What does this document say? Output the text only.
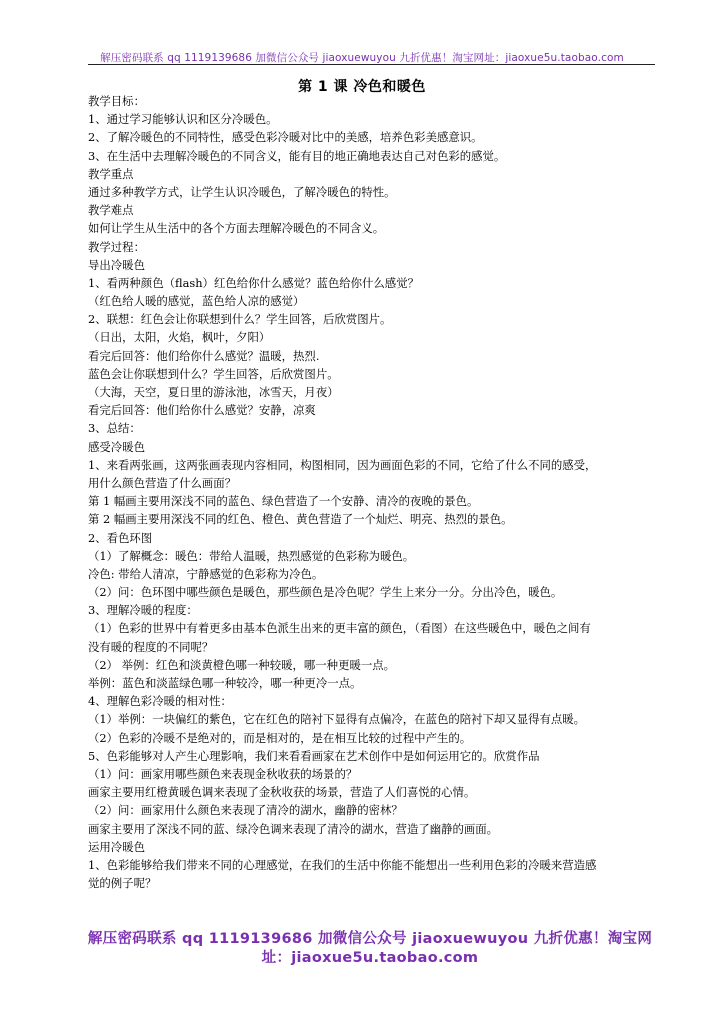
解压密码联系 qq 1119139686 加微信公众号 jiaoxuewuyou 九折优惠！淘宝网址：jiaoxue5u.taobao.com
第 1 课 冷色和暖色
教学目标：
1、通过学习能够认识和区分冷暖色。
2、了解冷暖色的不同特性，感受色彩冷暖对比中的美感，培养色彩美感意识。
3、在生活中去理解冷暖色的不同含义，能有目的地正确地表达自己对色彩的感觉。
教学重点
通过多种教学方式，让学生认识冷暖色，了解冷暖色的特性。
教学难点
如何让学生从生活中的各个方面去理解冷暖色的不同含义。
教学过程：
导出冷暖色
1、看两种颜色（flash）红色给你什么感觉？蓝色给你什么感觉？
（红色给人暖的感觉，蓝色给人凉的感觉）
2、联想：红色会让你联想到什么？学生回答，后欣赏图片。
（日出，太阳，火焰，枫叶，夕阳）
看完后回答：他们给你什么感觉？温暖，热烈.
蓝色会让你联想到什么？学生回答，后欣赏图片。
（大海，天空，夏日里的游泳池，冰雪天，月夜）
看完后回答：他们给你什么感觉？安静，凉爽
3、总结：
感受冷暖色
1、来看两张画，这两张画表现内容相同，构图相同，因为画面色彩的不同，它给了什么不同的感受，
用什么颜色营造了什么画面？
第 1 幅画主要用深浅不同的蓝色、绿色营造了一个安静、清冷的夜晚的景色。
第 2 幅画主要用深浅不同的红色、橙色、黄色营造了一个灿烂、明亮、热烈的景色。
2、看色环图
（1）了解概念：暖色：带给人温暖，热烈感觉的色彩称为暖色。
冷色: 带给人清凉，宁静感觉的色彩称为冷色。
（2）问：色环图中哪些颜色是暖色，那些颜色是冷色呢？学生上来分一分。分出冷色，暖色。
3、理解冷暖的程度：
（1）色彩的世界中有着更多由基本色派生出来的更丰富的颜色，（看图）在这些暖色中，暖色之间有
没有暖的程度的不同呢？
（2） 举例：红色和淡黄橙色哪一种较暖，哪一种更暖一点。
举例：蓝色和淡蓝绿色哪一种较冷，哪一种更冷一点。
4、理解色彩冷暖的相对性：
（1）举例：一块偏红的紫色，它在红色的陪衬下显得有点偏冷，在蓝色的陪衬下却又显得有点暖。
（2）色彩的冷暖不是绝对的，而是相对的，是在相互比较的过程中产生的。
5、色彩能够对人产生心理影响，我们来看看画家在艺术创作中是如何运用它的。欣赏作品
（1）问：画家用哪些颜色来表现金秋收获的场景的？
画家主要用红橙黄暖色调来表现了金秋收获的场景，营造了人们喜悦的心情。
（2）问：画家用什么颜色来表现了清冷的湖水，幽静的密林？
画家主要用了深浅不同的蓝、绿冷色调来表现了清冷的湖水，营造了幽静的画面。
运用冷暖色
1、色彩能够给我们带来不同的心理感觉，在我们的生活中你能不能想出一些利用色彩的冷暖来营造感
觉的例子呢？
解压密码联系 qq 1119139686 加微信公众号 jiaoxuewuyou 九折优惠！淘宝网
址：jiaoxue5u.taobao.com
